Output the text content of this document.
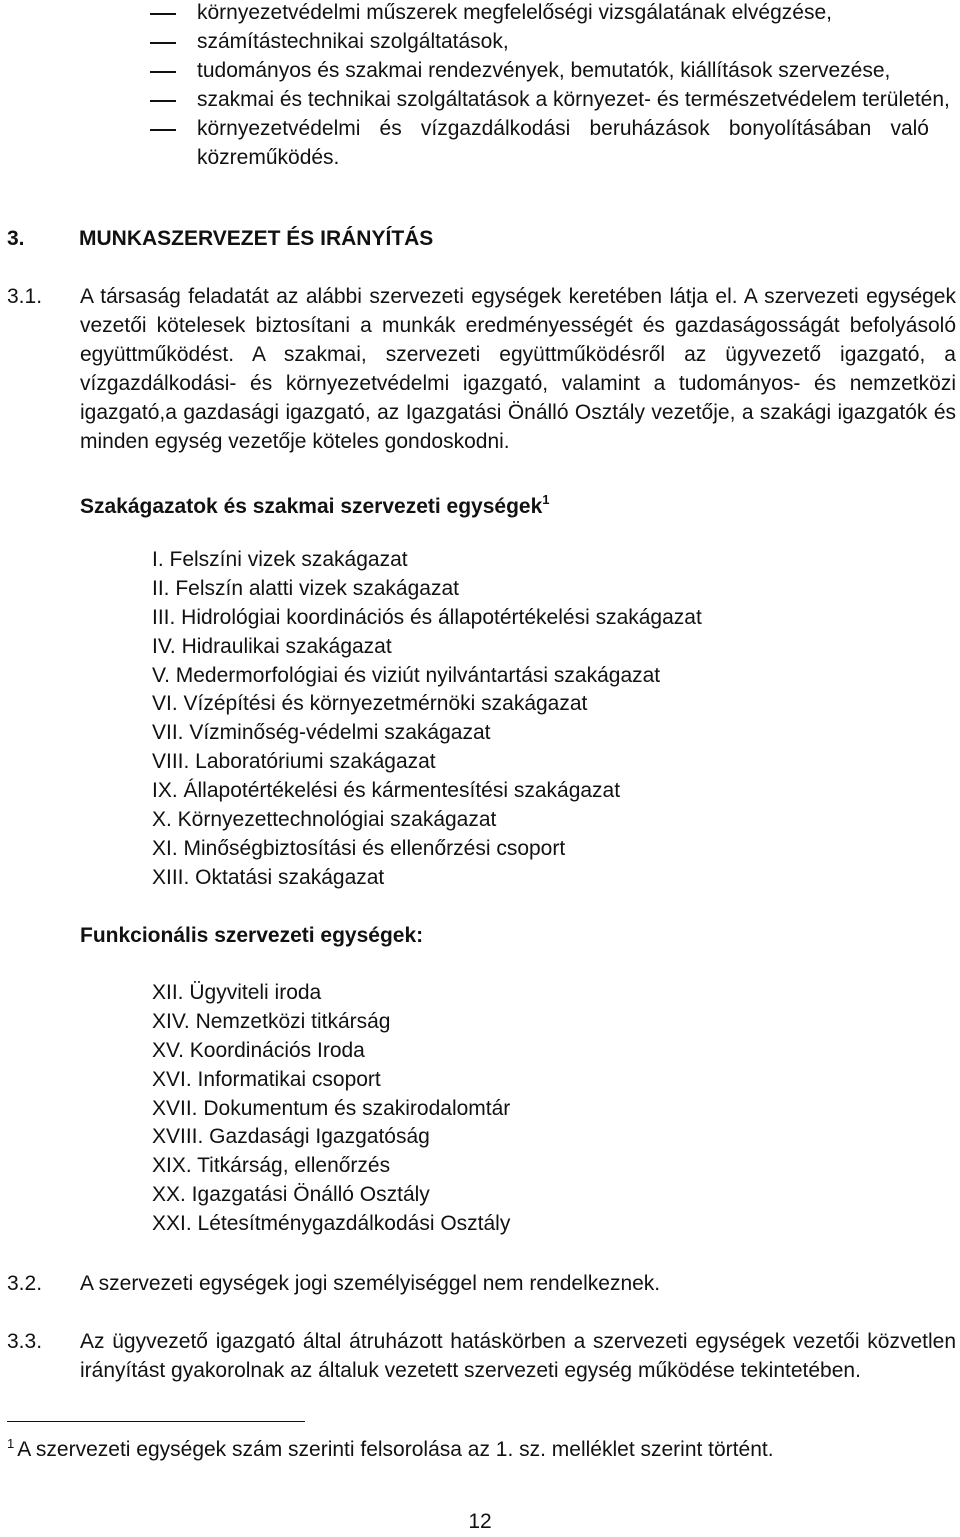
környezetvédelmi műszerek megfelelőségi vizsgálatának elvégzése,
számítástechnikai szolgáltatások,
tudományos és szakmai rendezvények, bemutatók, kiállítások szervezése,
szakmai és technikai szolgáltatások a környezet- és természetvédelem területén,
környezetvédelmi és vízgazdálkodási beruházások bonyolításában való
közreműködés.
3.	MUNKASZERVEZET ÉS IRÁNYÍTÁS
3.1. A társaság feladatát az alábbi szervezeti egységek keretében látja el. A szervezeti egységek
vezetői kötelesek biztosítani a munkák eredményességét és gazdaságosságát befolyásoló
együttműködést. A szakmai, szervezeti együttműködésről az ügyvezető igazgató, a
vízgazdálkodási- és környezetvédelmi igazgató, valamint a tudományos- és nemzetközi
igazgató,a gazdasági igazgató, az Igazgatási Önálló Osztály vezetője, a szakági igazgatók és
minden egység vezetője köteles gondoskodni.
Szakágazatok és szakmai szervezeti egységek$^1$
I. Felszíni vizek szakágazat
II. Felszín alatti vizek szakágazat
III. Hidrológiai koordinációs és állapotértékelési szakágazat
IV. Hidraulikai szakágazat
V. Medermorfológiai és viziút nyilvántartási szakágazat
VI. Vízépítési és környezetmérnöki szakágazat
VII. Vízminőség-védelmi szakágazat
VIII. Laboratóriumi szakágazat
IX. Állapotértékelési és kármentesítési szakágazat
X. Környezettechnológiai szakágazat
XI. Minőségbiztosítási és ellenőrzési csoport
XIII. Oktatási szakágazat
Funkcionális szervezeti egységek:
XII. Ügyviteli iroda
XIV. Nemzetközi titkárság
XV. Koordinációs Iroda
XVI. Informatikai csoport
XVII. Dokumentum és szakirodalomtár
XVIII. Gazdasági Igazgatóság
XIX. Titkárság, ellenőrzés
XX. Igazgatási Önálló Osztály
XXI. Létesítménygazdálkodási Osztály
3.2. A szervezeti egységek jogi személyiséggel nem rendelkeznek.
3.3. Az ügyvezető igazgató által átruházott hatáskörben a szervezeti egységek vezetői közvetlen
irányítást gyakorolnak az általuk vezetett szervezeti egység működése tekintetében.
$^1$ A szervezeti egységek szám szerinti felsorolása az 1. sz. melléklet szerint történt.
12
